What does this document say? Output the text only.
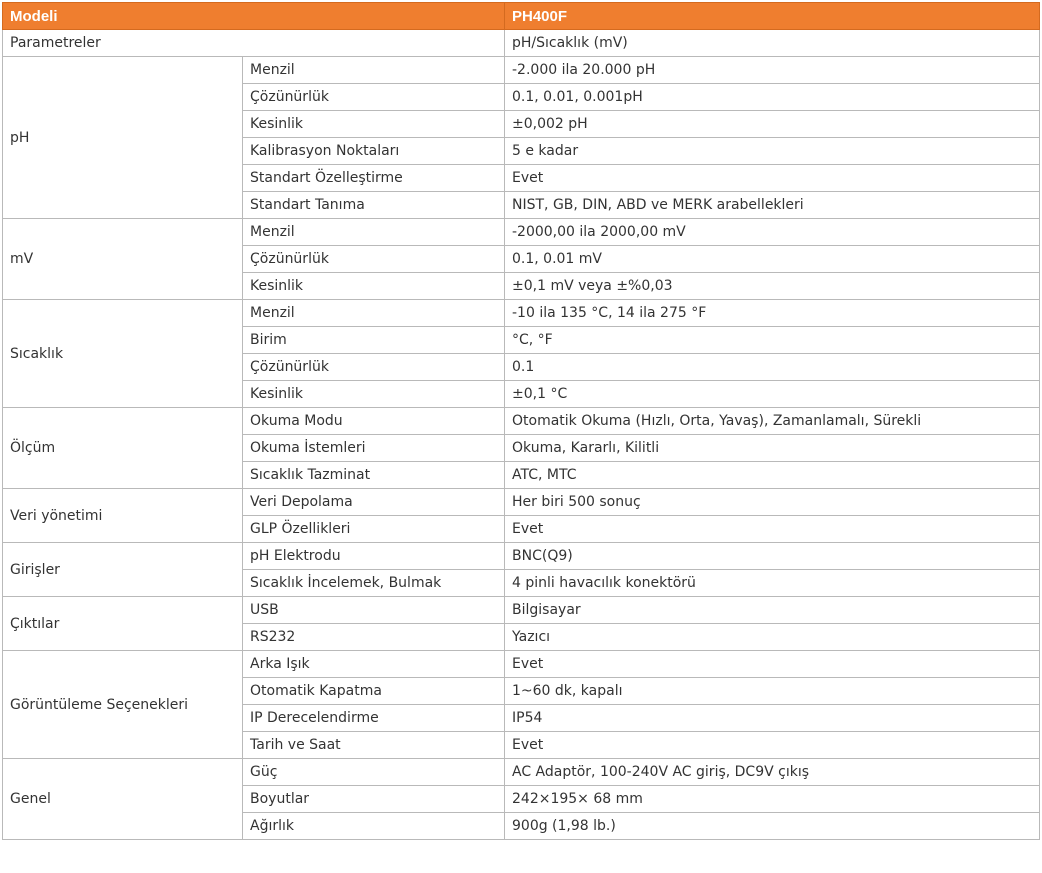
Modeli		PH400F
Parametreler		pH/Sıcaklık (mV)
pH	Menzil	-2.000 ila 20.000 pH
	Çözünürlük	0.1, 0.01, 0.001pH
	Kesinlik	±0,002 pH
	Kalibrasyon Noktaları	5 e kadar
	Standart Özelleştirme	Evet
	Standart Tanıma	NIST, GB, DIN, ABD ve MERK arabellekleri
mV	Menzil	-2000,00 ila 2000,00 mV
	Çözünürlük	0.1, 0.01 mV
	Kesinlik	±0,1 mV veya ±%0,03
Sıcaklık	Menzil	-10 ila 135 °C, 14 ila 275 °F
	Birim	°C, °F
	Çözünürlük	0.1
	Kesinlik	±0,1 °C
Ölçüm	Okuma Modu	Otomatik Okuma (Hızlı, Orta, Yavaş), Zamanlamalı, Sürekli
	Okuma İstemleri	Okuma, Kararlı, Kilitli
	Sıcaklık Tazminat	ATC, MTC
Veri yönetimi	Veri Depolama	Her biri 500 sonuç
	GLP Özellikleri	Evet
Girişler	pH Elektrodu	BNC(Q9)
	Sıcaklık İncelemek, Bulmak	4 pinli havacılık konektörü
Çıktılar	USB	Bilgisayar
	RS232	Yazıcı
Görüntüleme Seçenekleri	Arka Işık	Evet
	Otomatik Kapatma	1~60 dk, kapalı
	IP Derecelendirme	IP54
	Tarih ve Saat	Evet
Genel	Güç	AC Adaptör, 100-240V AC giriş, DC9V çıkış
	Boyutlar	242×195× 68 mm
	Ağırlık	900g (1,98 lb.)
